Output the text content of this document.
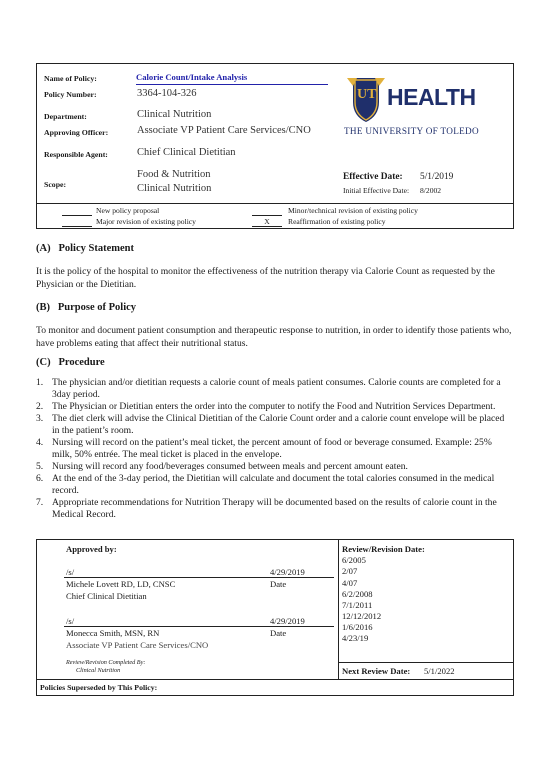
Name of Policy:	Calorie Count/Intake Analysis
Policy Number:	3364-104-326
Department:	Clinical Nutrition
Approving Officer:	Associate VP Patient Care Services/CNO
Responsible Agent:	Chief Clinical Dietitian
Scope:
Food & Nutrition
Clinical Nutrition
Effective Date: 5/1/2019
Initial Effective Date: 8/2002
New policy proposal
Major revision of existing policy
Minor/technical revision of existing policy
X	Reaffirmation of existing policy
UT HEALTH
THE UNIVERSITY OF TOLEDO
(A)   Policy Statement
It is the policy of the hospital to monitor the effectiveness of the nutrition therapy via Calorie Count as requested by the Physician or the Dietitian.
(B)   Purpose of Policy
To monitor and document patient consumption and therapeutic response to nutrition, in order to identify those patients who, have problems eating that affect their nutritional status.
(C)   Procedure
1. The physician and/or dietitian requests a calorie count of meals patient consumes. Calorie counts are completed for a 3day period.
2. The Physician or Dietitian enters the order into the computer to notify the Food and Nutrition Services Department.
3. The diet clerk will advise the Clinical Dietitian of the Calorie Count order and a calorie count envelope will be placed in the patient’s room.
4. Nursing will record on the patient’s meal ticket, the percent amount of food or beverage consumed. Example: 25% milk, 50% entrée. The meal ticket is placed in the envelope.
5. Nursing will record any food/beverages consumed between meals and percent amount eaten.
6. At the end of the 3-day period, the Dietitian will calculate and document the total calories consumed in the medical record.
7. Appropriate recommendations for Nutrition Therapy will be documented based on the results of calorie count in the Medical Record.
Approved by:
/s/	4/29/2019
Michele Lovett RD, LD, CNSC	Date
Chief Clinical Dietitian
/s/	4/29/2019
Monecca Smith, MSN, RN	Date
Associate VP Patient Care Services/CNO
Review/Revision Completed By:
Clinical Nutrition
Review/Revision Date:
6/2005
2/07
4/07
6/2/2008
7/1/2011
12/12/2012
1/6/2016
4/23/19
Next Review Date: 5/1/2022
Policies Superseded by This Policy:
